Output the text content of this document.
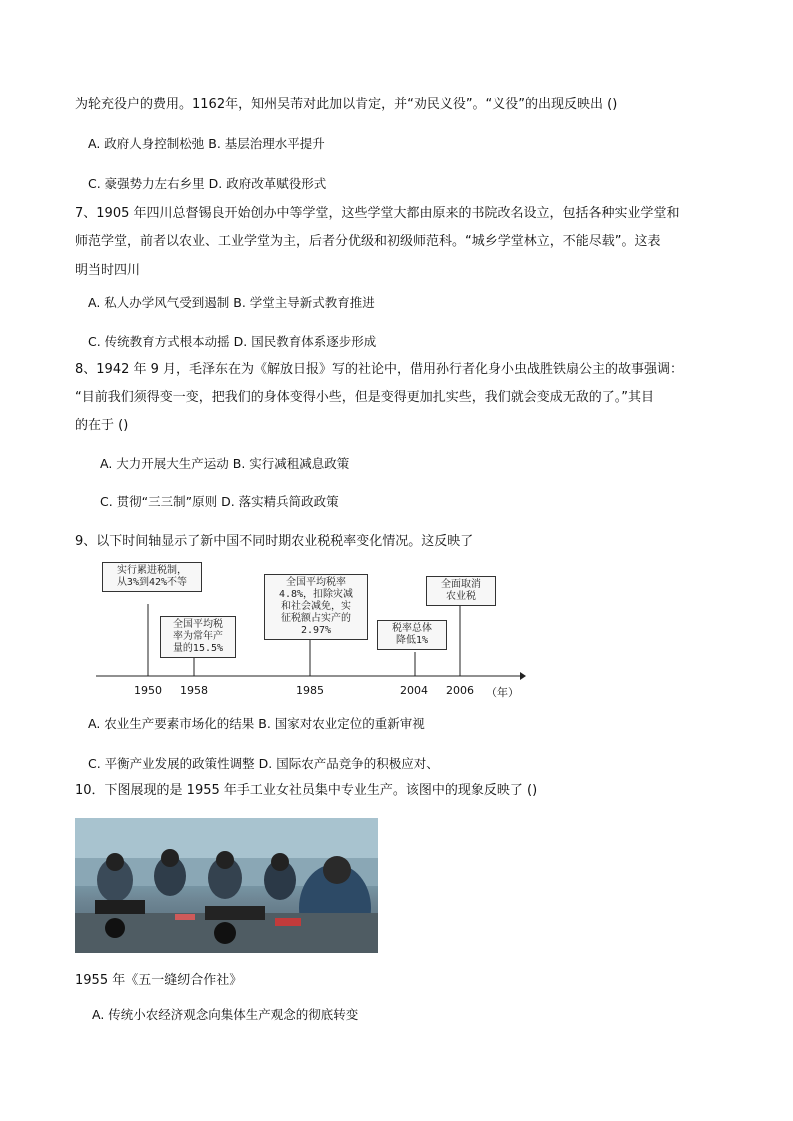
为轮充役户的费用。1162年，知州吴芾对此加以肯定，并“劝民义役”。“义役”的出现反映出 ()
A. 政府人身控制松弛 B. 基层治理水平提升
C. 豪强势力左右乡里 D. 政府改革赋役形式
7、1905 年四川总督锡良开始创办中等学堂，这些学堂大都由原来的书院改名设立，包括各种实业学堂和
师范学堂，前者以农业、工业学堂为主，后者分优级和初级师范科。“城乡学堂林立，不能尽载”。这表
明当时四川
A. 私人办学风气受到遏制 B. 学堂主导新式教育推进
C. 传统教育方式根本动摇 D. 国民教育体系逐步形成
8、1942 年 9 月，毛泽东在为《解放日报》写的社论中，借用孙行者化身小虫战胜铁扇公主的故事强调：
“目前我们须得变一变，把我们的身体变得小些，但是变得更加扎实些，我们就会变成无敌的了。”其目
的在于 ()
A. 大力开展大生产运动 B. 实行减租减息政策
C. 贯彻“三三制”原则 D. 落实精兵简政政策
9、以下时间轴显示了新中国不同时期农业税税率变化情况。这反映了
A. 农业生产要素市场化的结果 B. 国家对农业定位的重新审视
C. 平衡产业发展的政策性调整 D. 国际农产品竞争的积极应对、
10．下图展现的是 1955 年手工业女社员集中专业生产。该图中的现象反映了 ()
1955 年《五一缝纫合作社》
A. 传统小农经济观念向集体生产观念的彻底转变
实行累进税制，
从3%到42%不等
全国平均税
率为常年产
量的15.5%
全国平均税率
4.8%，扣除灾减
和社会减免，实
征税额占实产的
2.97%	税率总体
降低1%
全面取消
农业税
1950 1958	1985	2004 2006 （年）
